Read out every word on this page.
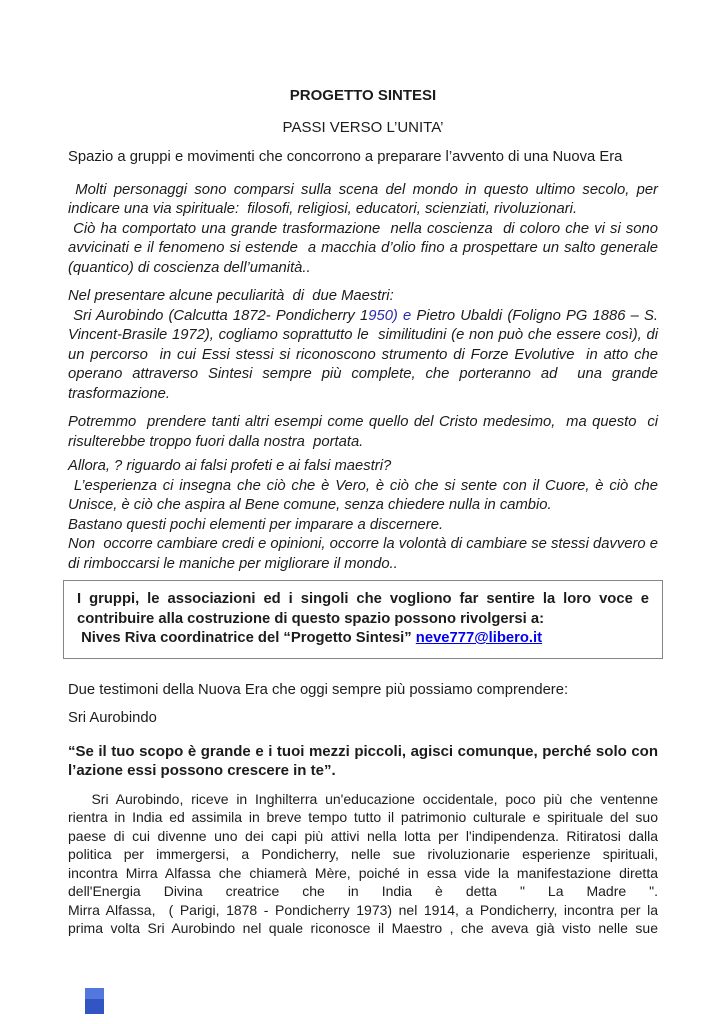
PROGETTO SINTESI
PASSI VERSO L’UNITA’
Spazio a gruppi e movimenti che concorrono a preparare l’avvento di una Nuova Era
Molti personaggi sono comparsi sulla scena del mondo in questo ultimo secolo, per
indicare una via spirituale:  filosofi, religiosi, educatori, scienziati, rivoluzionari.
Ciò ha comportato una grande trasformazione  nella coscienza  di coloro che vi si sono
avvicinati e il fenomeno si estende  a macchia d’olio fino a prospettare un salto generale
(quantico) di coscienza dell’umanità..
Nel presentare alcune peculiarità  di  due Maestri:
Sri Aurobindo (Calcutta 1872- Pondicherry 1950) e Pietro Ubaldi (Foligno PG 1886 – S.
Vincent-Brasile 1972), cogliamo soprattutto le  similitudini (e non può che essere così), di
un percorso  in cui Essi stessi si riconoscono strumento di Forze Evolutive  in atto che
operano attraverso Sintesi sempre più complete, che porteranno ad  una grande
trasformazione.
Potremmo  prendere tanti altri esempi come quello del Cristo medesimo,  ma questo  ci
risulterebbe troppo fuori dalla nostra  portata.
Allora, ? riguardo ai falsi profeti e ai falsi maestri?
L’esperienza ci insegna che ciò che è Vero, è ciò che si sente con il Cuore, è ciò che
Unisce, è ciò che aspira al Bene comune, senza chiedere nulla in cambio.
Bastano questi pochi elementi per imparare a discernere.
Non  occorre cambiare credi e opinioni, occorre la volontà di cambiare se stessi davvero e
di rimboccarsi le maniche per migliorare il mondo..
I gruppi, le associazioni ed i singoli che vogliono far sentire la loro voce e
contribuire alla costruzione di questo spazio possono rivolgersi a:
Nives Riva coordinatrice del “Progetto Sintesi” neve777@libero.it
Due testimoni della Nuova Era che oggi sempre più possiamo comprendere:
Sri Aurobindo
“Se il tuo scopo è grande e i tuoi mezzi piccoli, agisci comunque, perché solo con
l’azione essi possono crescere in te”.
Sri Aurobindo, riceve in Inghilterra un'educazione occidentale, poco più che ventenne
rientra in India ed assimila in breve tempo tutto il patrimonio culturale e spirituale del suo
paese di cui divenne uno dei capi più attivi nella lotta per l'indipendenza. Ritiratosi dalla
politica per immergersi, a Pondicherry, nelle sue rivoluzionarie esperienze spirituali,
incontra Mirra Alfassa che chiamerà Mère, poiché in essa vide la manifestazione diretta
dell'Energia Divina creatrice che in India è detta " La Madre ".
Mirra Alfassa,  ( Parigi, 1878 - Pondicherry 1973) nel 1914, a Pondicherry, incontra per la
prima volta Sri Aurobindo nel quale riconosce il Maestro , che aveva già visto nelle sue
